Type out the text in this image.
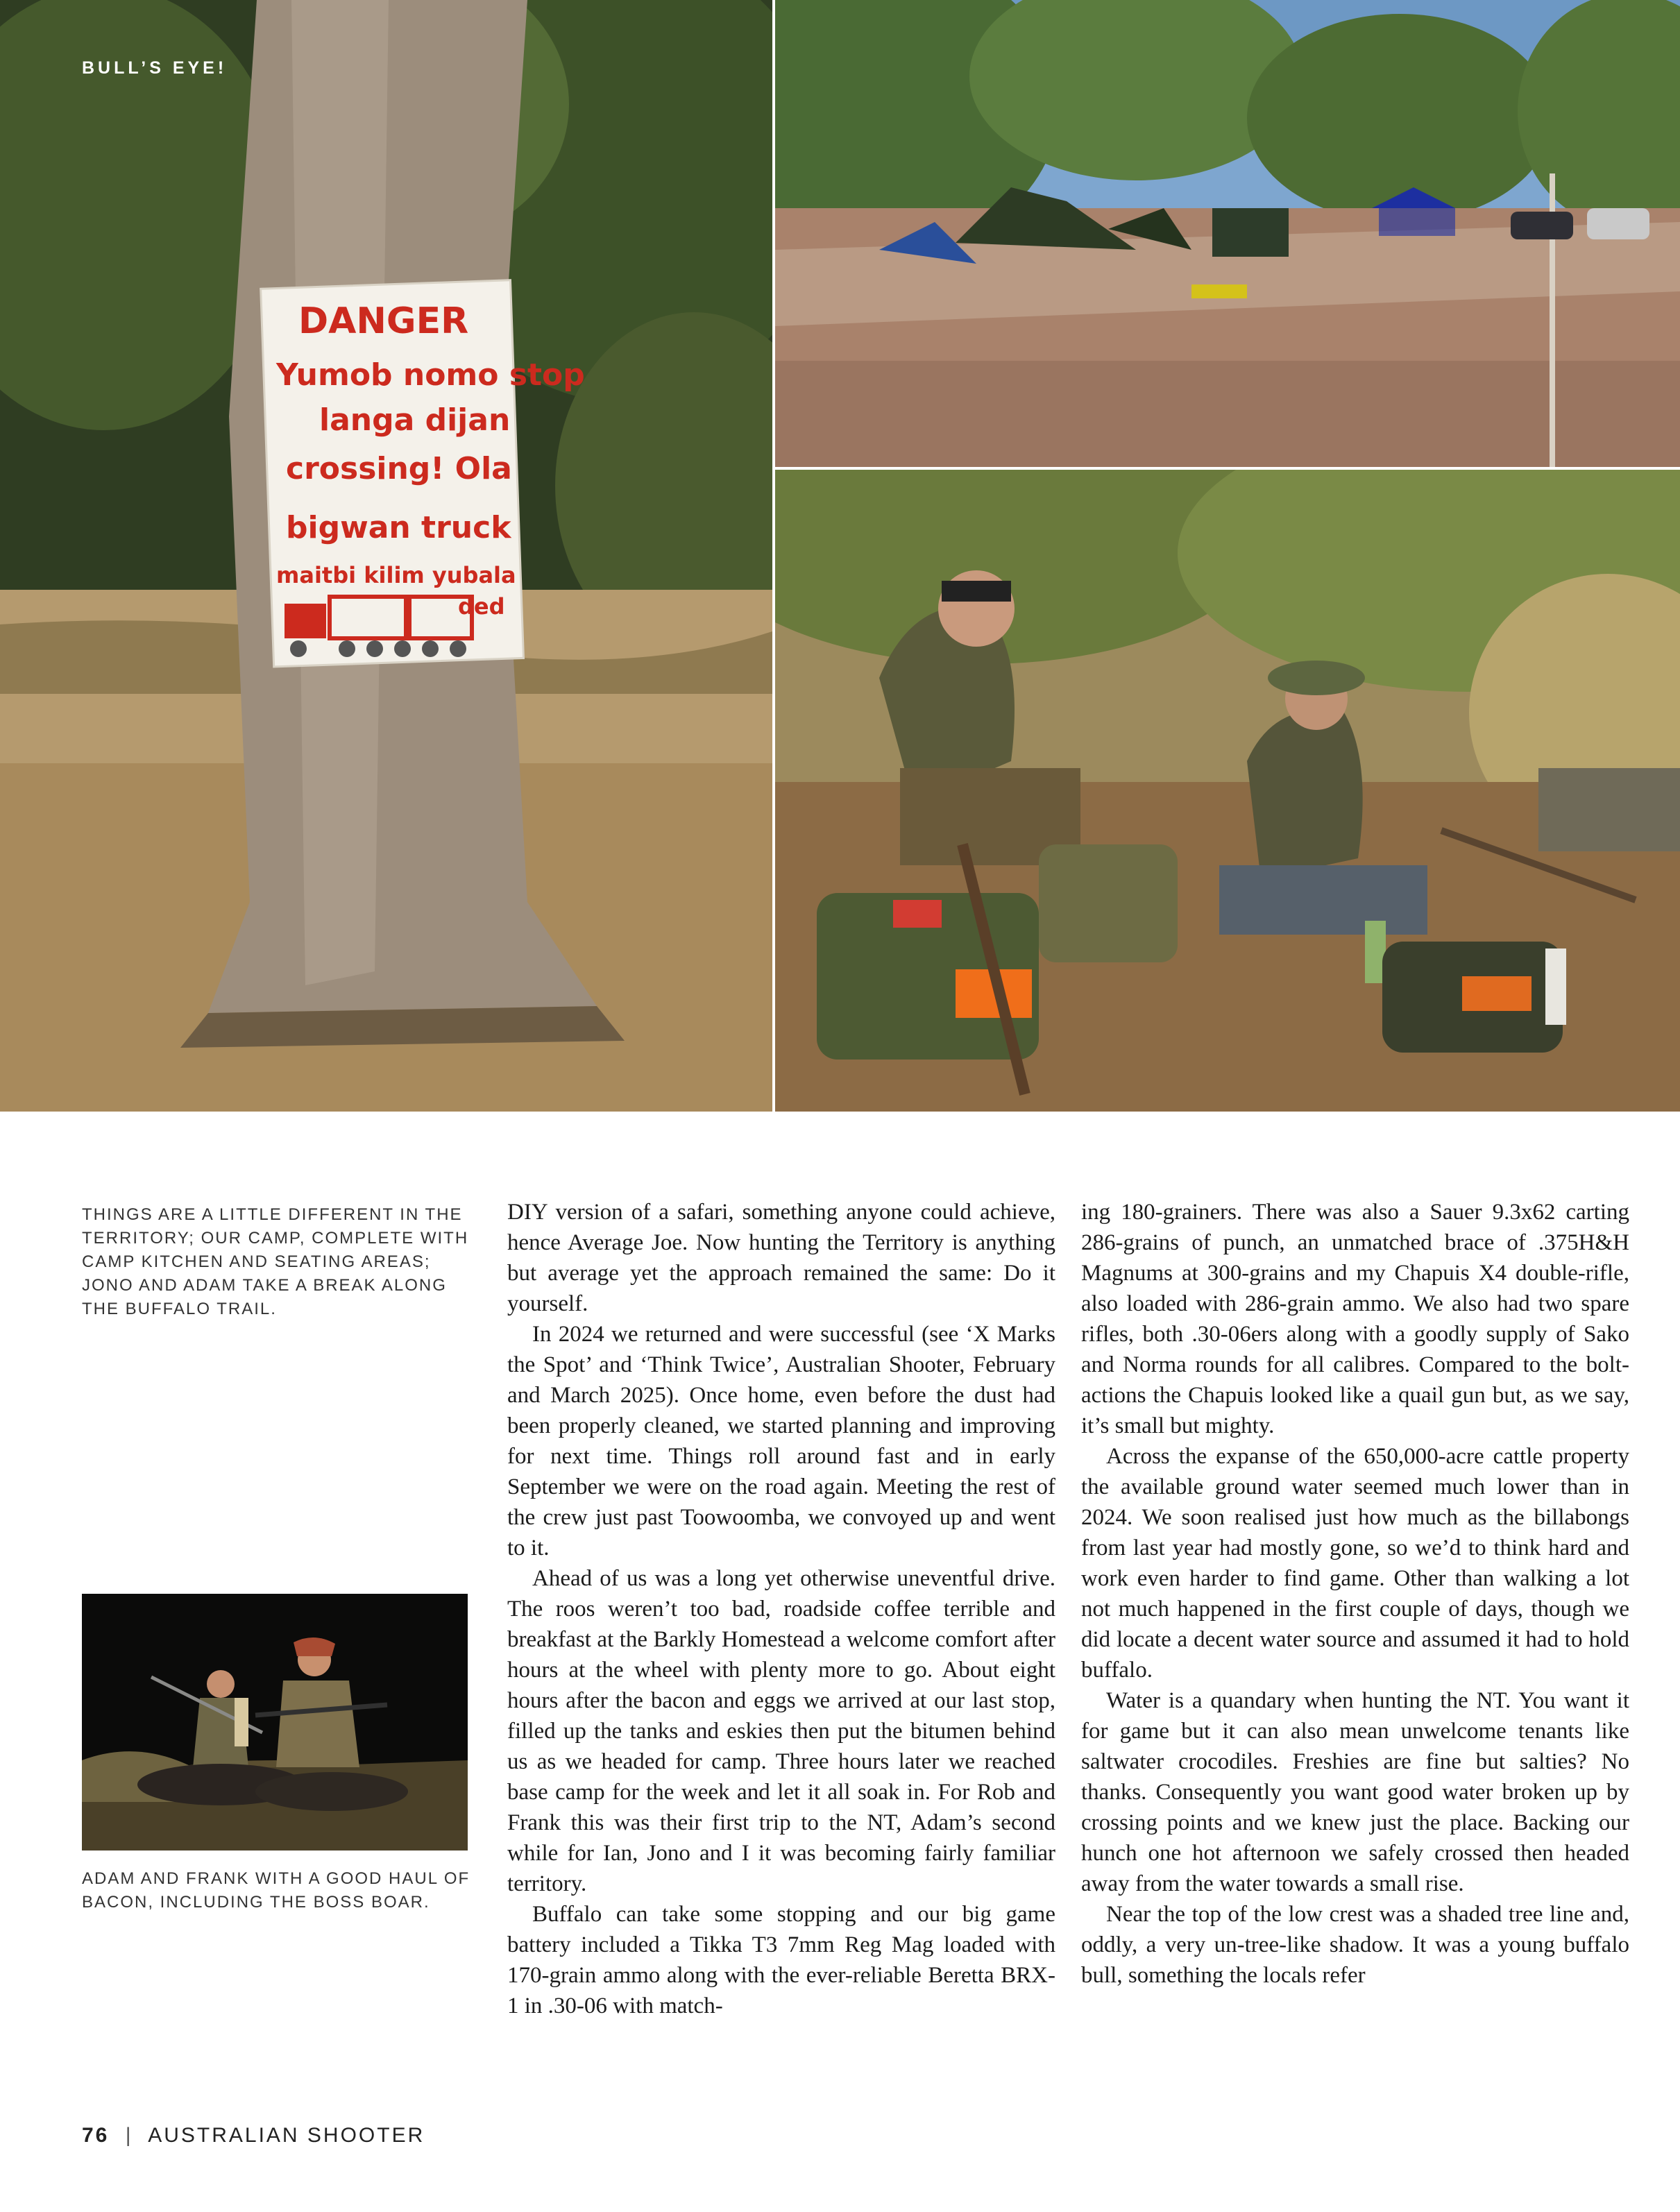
DANGER
Yumob nomo stop
langa dijan
crossing! Ola
bigwan truck
maitbi kilim yubala
ded

BULL’S EYE!

THINGS ARE A LITTLE DIFFERENT IN THE TERRITORY; OUR CAMP, COMPLETE WITH CAMP KITCHEN AND SEATING AREAS; JONO AND ADAM TAKE A BREAK ALONG THE BUFFALO TRAIL.

ADAM AND FRANK WITH A GOOD HAUL OF BACON, INCLUDING THE BOSS BOAR.

DIY version of a safari, something anyone could achieve, hence Average Joe. Now hunting the Territory is anything but average yet the approach remained the same: Do it yourself.

In 2024 we returned and were successful (see ‘X Marks the Spot’ and ‘Think Twice’, Australian Shooter, February and March 2025). Once home, even before the dust had been properly cleaned, we started planning and improving for next time. Things roll around fast and in early September we were on the road again. Meeting the rest of the crew just past Toowoomba, we convoyed up and went to it.

Ahead of us was a long yet otherwise uneventful drive. The roos weren’t too bad, roadside coffee terrible and breakfast at the Barkly Homestead a welcome comfort after hours at the wheel with plenty more to go. About eight hours after the bacon and eggs we arrived at our last stop, filled up the tanks and eskies then put the bitumen behind us as we headed for camp. Three hours later we reached base camp for the week and let it all soak in. For Rob and Frank this was their first trip to the NT, Adam’s second while for Ian, Jono and I it was becoming fairly familiar territory.

Buffalo can take some stopping and our big game battery included a Tikka T3 7mm Reg Mag loaded with 170-grain ammo along with the ever-reliable Beretta BRX-1 in .30-06 with match-

ing 180-grainers. There was also a Sauer 9.3x62 carting 286-grains of punch, an unmatched brace of .375H&H Magnums at 300-grains and my Chapuis X4 double-rifle, also loaded with 286-grain ammo. We also had two spare rifles, both .30-06ers along with a goodly supply of Sako and Norma rounds for all calibres. Compared to the bolt-actions the Chapuis looked like a quail gun but, as we say, it’s small but mighty.

Across the expanse of the 650,000-acre cattle property the available ground water seemed much lower than in 2024. We soon realised just how much as the billabongs from last year had mostly gone, so we’d to think hard and work even harder to find game. Other than walking a lot not much happened in the first couple of days, though we did locate a decent water source and assumed it had to hold buffalo.

Water is a quandary when hunting the NT. You want it for game but it can also mean unwelcome tenants like saltwater crocodiles. Freshies are fine but salties? No thanks. Consequently you want good water broken up by crossing points and we knew just the place. Backing our hunch one hot afternoon we safely crossed then headed away from the water towards a small rise.

Near the top of the low crest was a shaded tree line and, oddly, a very un-tree-like shadow. It was a young buffalo bull, something the locals refer

76 | AUSTRALIAN SHOOTER
